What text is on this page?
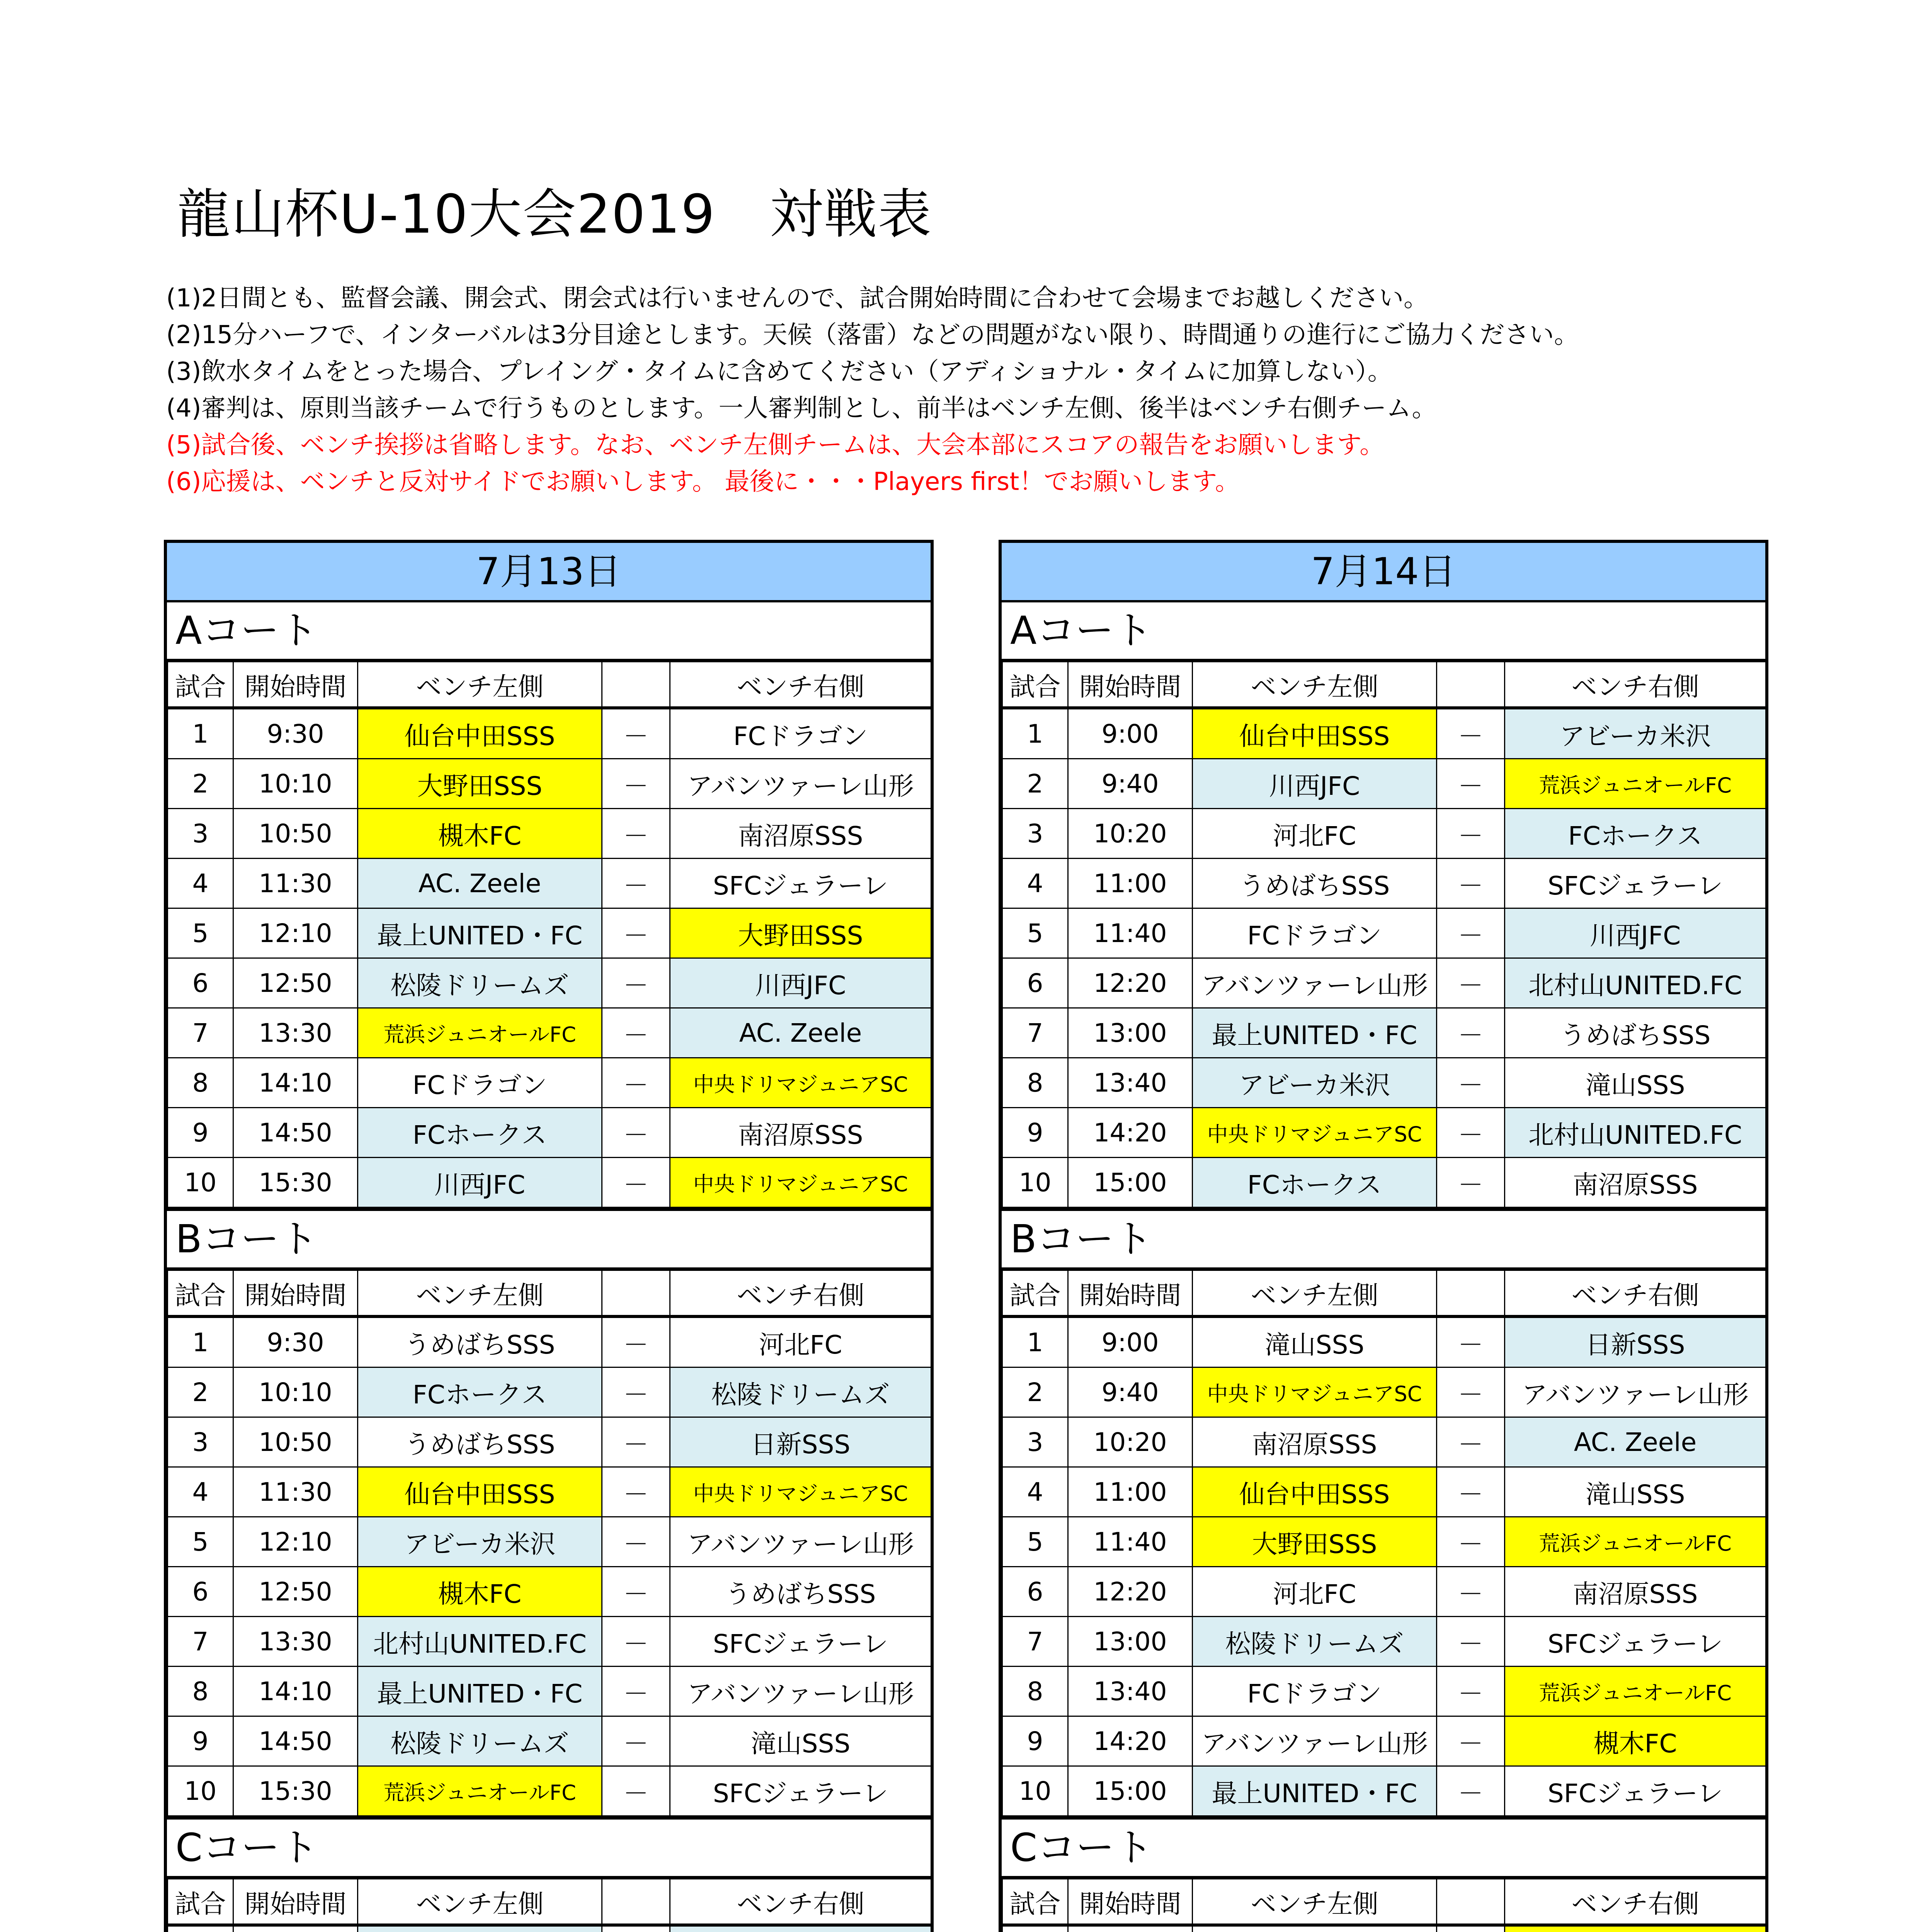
龍山杯U-10大会2019　対戦表
(1)2日間とも、監督会議、開会式、閉会式は行いませんので、試合開始時間に合わせて会場までお越しください。
(2)15分ハーフで、インターバルは3分目途とします。天候（落雷）などの問題がない限り、時間通りの進行にご協力ください。
(3)飲水タイムをとった場合、プレイング・タイムに含めてください（アディショナル・タイムに加算しない）。
(4)審判は、原則当該チームで行うものとします。一人審判制とし、前半はベンチ左側、後半はベンチ右側チーム。
(5)試合後、ベンチ挨拶は省略します。なお、ベンチ左側チームは、大会本部にスコアの報告をお願いします。
(6)応援は、ベンチと反対サイドでお願いします。 最後に・・・Players first！でお願いします。
7月13日
Aコート
試合	開始時間	ベンチ左側		ベンチ右側
1	9:30	仙台中田SSS	－	FCドラゴン
2	10:10	大野田SSS	－	アバンツァーレ山形
3	10:50	槻木FC	－	南沼原SSS
4	11:30	AC. Zeele	－	SFCジェラーレ
5	12:10	最上UNITED・FC	－	大野田SSS
6	12:50	松陵ドリームズ	－	川西JFC
7	13:30	荒浜ジュニオールFC	－	AC. Zeele
8	14:10	FCドラゴン	－	中央ドリマジュニアSC
9	14:50	FCホークス	－	南沼原SSS
10	15:30	川西JFC	－	中央ドリマジュニアSC
Bコート
試合	開始時間	ベンチ左側		ベンチ右側
1	9:30	うめばちSSS	－	河北FC
2	10:10	FCホークス	－	松陵ドリームズ
3	10:50	うめばちSSS	－	日新SSS
4	11:30	仙台中田SSS	－	中央ドリマジュニアSC
5	12:10	アビーカ米沢	－	アバンツァーレ山形
6	12:50	槻木FC	－	うめばちSSS
7	13:30	北村山UNITED.FC	－	SFCジェラーレ
8	14:10	最上UNITED・FC	－	アバンツァーレ山形
9	14:50	松陵ドリームズ	－	滝山SSS
10	15:30	荒浜ジュニオールFC	－	SFCジェラーレ
Cコート
試合	開始時間	ベンチ左側		ベンチ右側

7月14日
Aコート
試合	開始時間	ベンチ左側		ベンチ右側
1	9:00	仙台中田SSS	－	アビーカ米沢
2	9:40	川西JFC	－	荒浜ジュニオールFC
3	10:20	河北FC	－	FCホークス
4	11:00	うめばちSSS	－	SFCジェラーレ
5	11:40	FCドラゴン	－	川西JFC
6	12:20	アバンツァーレ山形	－	北村山UNITED.FC
7	13:00	最上UNITED・FC	－	うめばちSSS
8	13:40	アビーカ米沢	－	滝山SSS
9	14:20	中央ドリマジュニアSC	－	北村山UNITED.FC
10	15:00	FCホークス	－	南沼原SSS
Bコート
試合	開始時間	ベンチ左側		ベンチ右側
1	9:00	滝山SSS	－	日新SSS
2	9:40	中央ドリマジュニアSC	－	アバンツァーレ山形
3	10:20	南沼原SSS	－	AC. Zeele
4	11:00	仙台中田SSS	－	滝山SSS
5	11:40	大野田SSS	－	荒浜ジュニオールFC
6	12:20	河北FC	－	南沼原SSS
7	13:00	松陵ドリームズ	－	SFCジェラーレ
8	13:40	FCドラゴン	－	荒浜ジュニオールFC
9	14:20	アバンツァーレ山形	－	槻木FC
10	15:00	最上UNITED・FC	－	SFCジェラーレ
Cコート
試合	開始時間	ベンチ左側		ベンチ右側
